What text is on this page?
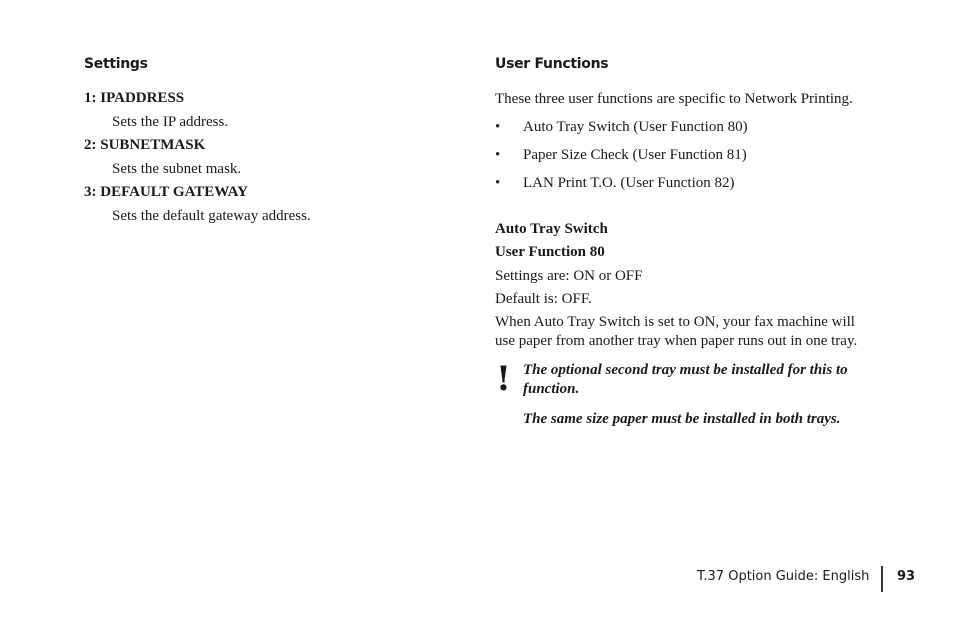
Settings
1: IPADDRESS
Sets the IP address.
2: SUBNETMASK
Sets the subnet mask.
3: DEFAULT GATEWAY
Sets the default gateway address.
User Functions
These three user functions are specific to Network Printing.
• Auto Tray Switch (User Function 80)
• Paper Size Check (User Function 81)
• LAN Print T.O. (User Function 82)
Auto Tray Switch
User Function 80
Settings are: ON or OFF
Default is: OFF.
When Auto Tray Switch is set to ON, your fax machine will
use paper from another tray when paper runs out in one tray.
! The optional second tray must be installed for this to
function.
The same size paper must be installed in both trays.
T.37 Option Guide: English 93
